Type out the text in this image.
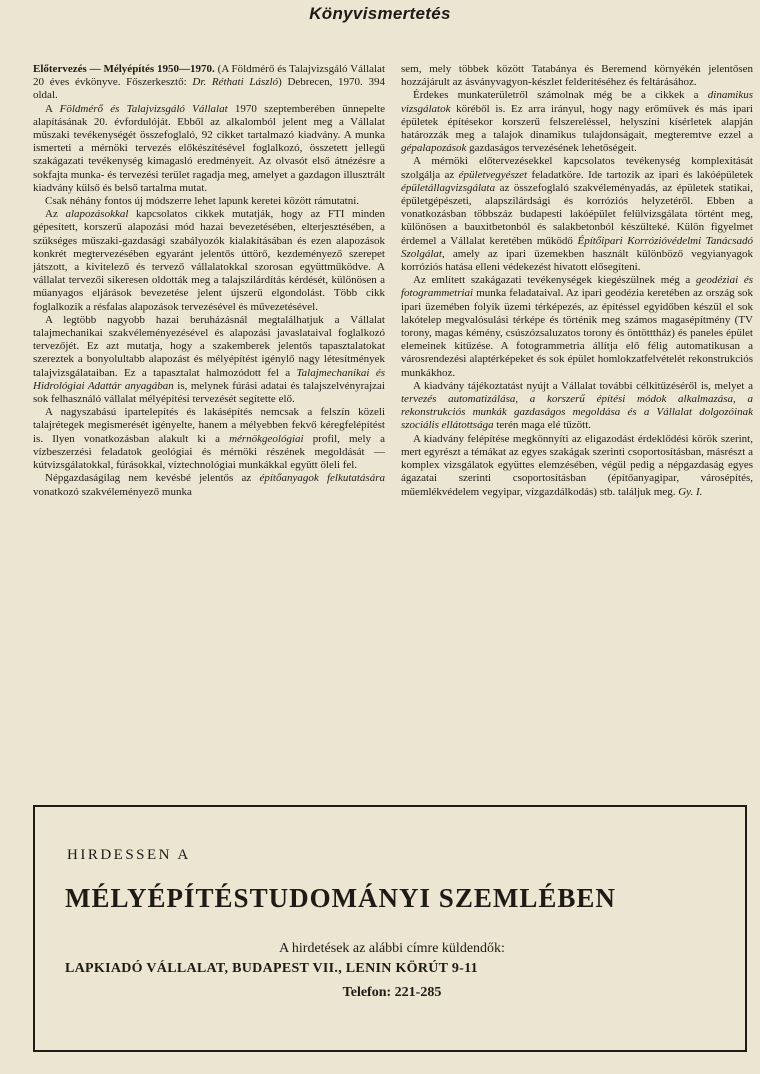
Könyvismertetés

Előtervezés — Mélyépítés 1950—1970. (A Földmérő és Talajvizsgáló Vállalat 20 éves évkönyve. Főszerkesztő: Dr. Réthati László) Debrecen, 1970. 394 oldal.

A Földmérő és Talajvizsgáló Vállalat 1970 szeptemberében ünnepelte alapításának 20. évfordulóját. Ebből az alkalomból jelent meg a Vállalat műszaki tevékenységét összefoglaló, 92 cikket tartalmazó kiadvány. A munka ismerteti a mérnöki tervezés előkészítésével foglalkozó, összetett jellegű szakágazati tevékenység kimagasló eredményeit. Az olvasót első átnézésre a sokfajta munka- és tervezési terület ragadja meg, amelyet a gazdagon illusztrált kiadvány külső és belső tartalma mutat.

Csak néhány fontos új módszerre lehet lapunk keretei között rámutatni.

Az alapozásokkal kapcsolatos cikkek mutatják, hogy az FTI minden gépesített, korszerű alapozási mód hazai bevezetésében, elterjesztésében, a szükséges műszaki-gazdasági szabályozók kialakításában és ezen alapozások konkrét megtervezésében egyaránt jelentős úttörő, kezdeményező szerepet játszott, a kivitelező és tervező vállalatokkal szorosan együttműködve. A vállalat tervezői sikeresen oldották meg a talajszilárdítás kérdését, különösen a műanyagos eljárások bevezetése jelent újszerű elgondolást. Több cikk foglalkozik a résfalas alapozások tervezésével és művezetésével.

A legtöbb nagyobb hazai beruházásnál megtalálhatjuk a Vállalat talajmechanikai szakvéleményezésével és alapozási javaslataival foglalkozó tervezőjét. Ez azt mutatja, hogy a szakemberek jelentős tapasztalatokat szereztek a bonyolultabb alapozást és mélyépítést igénylő nagy létesítmények talajvizsgálataiban. Ez a tapasztalat halmozódott fel a Talajmechanikai és Hidrológiai Adattár anyagában is, melynek fúrási adatai és talajszelvényrajzai sok felhasználó vállalat mélyépítési tervezését segítette elő.

A nagyszabású ipartelepítés és lakásépítés nemcsak a felszín közeli talajrétegek megismerését igényelte, hanem a mélyebben fekvő kéregfelépítést is. Ilyen vonatkozásban alakult ki a mérnökgeológiai profil, mely a vízbeszerzési feladatok geológiai és mérnöki részének megoldását — kútvizsgálatokkal, fúrásokkal, víztechnológiai munkákkal együtt öleli fel.

Népgazdaságilag nem kevésbé jelentős az építőanyagok felkutatására vonatkozó szakvéleményező munka

sem, mely többek között Tatabánya és Beremend környékén jelentősen hozzájárult az ásványvagyon-készlet felderítéséhez és feltárásához.

Érdekes munkaterületről számolnak még be a cikkek a dinamikus vizsgálatok köréből is. Ez arra irányul, hogy nagy erőművek és más ipari épületek építésekor korszerű felszereléssel, helyszíni kísérletek alapján határozzák meg a talajok dinamikus tulajdonságait, megteremtve ezzel a gépalapozások gazdaságos tervezésének lehetőségeit.

A mérnöki előtervezésekkel kapcsolatos tevékenység komplexitását szolgálja az épületvegyészet feladatköre. Ide tartozik az ipari és lakóépületek épületállagvizsgálata az összefoglaló szakvéleményadás, az épületek statikai, épületgépészeti, alapszilárdsági és korróziós helyzetéről. Ebben a vonatkozásban többszáz budapesti lakóépület felülvizsgálata történt meg, különösen a bauxitbetonból és salakbetonból készülteké. Külön figyelmet érdemel a Vállalat keretében működő Építőipari Korrózióvédelmi Tanácsadó Szolgálat, amely az ipari üzemekben használt különböző vegyianyagok korróziós hatása elleni védekezést hivatott elősegíteni.

Az említett szakágazati tevékenységek kiegészülnek még a geodéziai és fotogrammetriai munka feladataival. Az ipari geodézia keretében az ország sok ipari üzemében folyik üzemi térképezés, az építéssel egyidőben készül el sok lakótelep megvalósulási térképe és történik meg számos magasépítmény (TV torony, magas kémény, csúszózsaluzatos torony és öntötttház) és paneles épület elemeinek kitűzése. A fotogrammetria állítja elő félig automatikusan a városrendezési alaptérképeket és sok épület homlokzatfelvételét rekonstrukciós munkákhoz.

A kiadvány tájékoztatást nyújt a Vállalat további célkitűzéséről is, melyet a tervezés automatizálása, a korszerű építési módok alkalmazása, a rekonstrukciós munkák gazdaságos megoldása és a Vállalat dolgozóinak szociális ellátottsága terén maga elé tűzött.

A kiadvány felépítése megkönnyíti az eligazodást érdeklődési körök szerint, mert egyrészt a témákat az egyes szakágak szerinti csoportosításban, másrészt a komplex vizsgálatok együttes elemzésében, végül pedig a népgazdaság egyes ágazatai szerinti csoportosításban (építőanyagipar, városépítés, műemlékvédelem vegyipar, vízgazdálkodás) stb. találjuk meg. Gy. I.

HIRDESSEN A
MÉLYÉPÍTÉSTUDOMÁNYI SZEMLÉBEN
A hirdetések az alábbi címre küldendők:
LAPKIADÓ VÁLLALAT, BUDAPEST VII., LENIN KÖRÚT 9-11
Telefon: 221-285
